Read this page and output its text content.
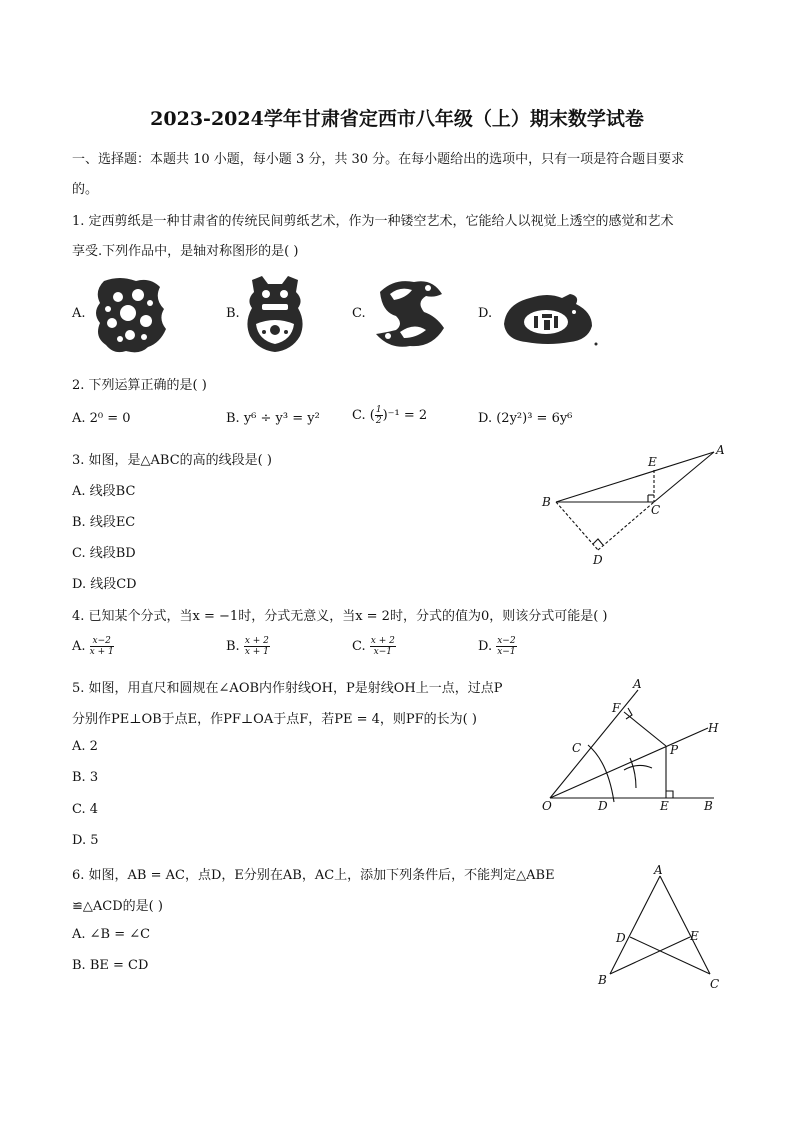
2023-2024学年甘肃省定西市八年级（上）期末数学试卷
一、选择题：本题共 10 小题，每小题 3 分，共 30 分。在每小题给出的选项中，只有一项是符合题目要求
的。
1. 定西剪纸是一种甘肃省的传统民间剪纸艺术，作为一种镂空艺术，它能给人以视觉上透空的感觉和艺术
享受.下列作品中，是轴对称图形的是( )
A.	B.	C.	D.
2. 下列运算正确的是( )
A. 2⁰ = 0	B. y⁶ ÷ y³ = y² C. ( $\frac{1}{2} )^{-1} = 2$	D. (2y²)³ = 6y⁶
3. 如图，是△ABC的高的线段是( )
A. 线段BC
B. 线段EC
C. 线段BD
D. 线段CD
A
B
C
D
E
4. 已知某个分式，当x = −1时，分式无意义，当x = 2时，分式的值为0，则该分式可能是( )
A. $\frac{x-2}{x + 1}$	B. $\frac{x + 2}{x + 1}$	C. $\frac{x + 2}{x-1}$	D. $\frac{x-2}{x-1}$
5. 如图，用直尺和圆规在∠AOB内作射线OH，P是射线OH上一点，过点P
分别作PE⊥OB于点E，作PF⊥OA于点F，若PE = 4，则PF的长为( )
A. 2
B. 3
C. 4
D. 5
A
F
H
C	P
O	D	E	B
6. 如图，AB = AC，点D，E分别在AB，AC上，添加下列条件后，不能判定△ABE
≌△ACD的是( )
A. ∠B = ∠C
B. BE = CD
A
D	E
B	C
